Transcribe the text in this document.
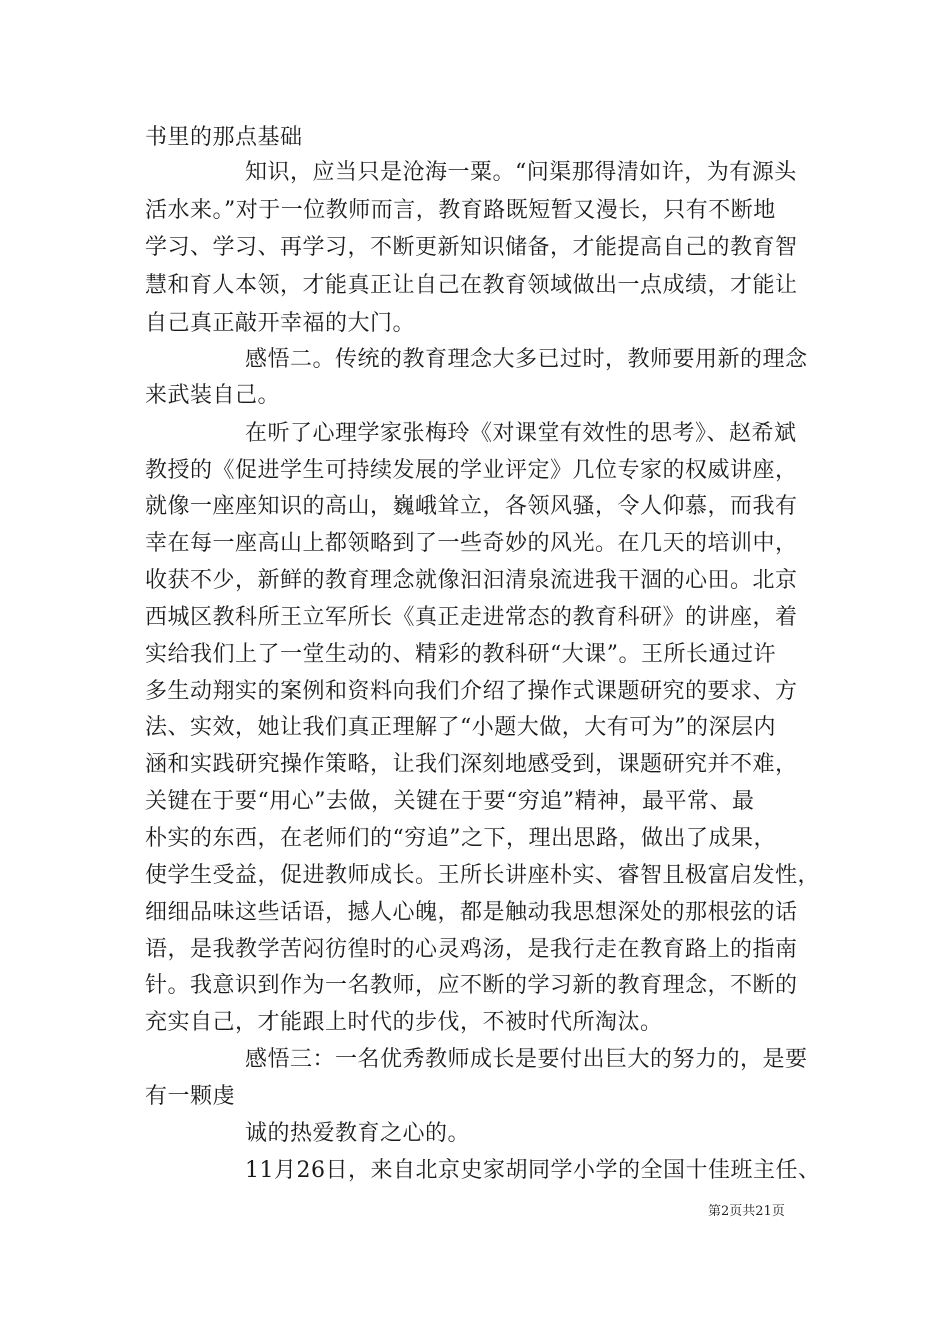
书里的那点基础
知识，应当只是沧海一粟。“问渠那得清如许，为有源头
活水来。”对于一位教师而言，教育路既短暂又漫长，只有不断地
学习、学习、再学习，不断更新知识储备，才能提高自己的教育智
慧和育人本领，才能真正让自己在教育领域做出一点成绩，才能让
自己真正敲开幸福的大门。
感悟二。传统的教育理念大多已过时，教师要用新的理念
来武装自己。
在听了心理学家张梅玲《对课堂有效性的思考》、赵希斌
教授的《促进学生可持续发展的学业评定》几位专家的权威讲座，
就像一座座知识的高山，巍峨耸立，各领风骚，令人仰慕，而我有
幸在每一座高山上都领略到了一些奇妙的风光。在几天的培训中，
收获不少，新鲜的教育理念就像汩汩清泉流进我干涸的心田。北京
西城区教科所王立军所长《真正走进常态的教育科研》的讲座，着
实给我们上了一堂生动的、精彩的教科研“大课”。王所长通过许
多生动翔实的案例和资料向我们介绍了操作式课题研究的要求、方
法、实效，她让我们真正理解了“小题大做，大有可为”的深层内
涵和实践研究操作策略，让我们深刻地感受到，课题研究并不难，
关键在于要“用心”去做，关键在于要“穷追”精神，最平常、最
朴实的东西，在老师们的“穷追”之下，理出思路，做出了成果，
使学生受益，促进教师成长。王所长讲座朴实、睿智且极富启发性，
细细品味这些话语，撼人心魄，都是触动我思想深处的那根弦的话
语，是我教学苦闷彷徨时的心灵鸡汤，是我行走在教育路上的指南
针。我意识到作为一名教师，应不断的学习新的教育理念，不断的
充实自己，才能跟上时代的步伐，不被时代所淘汰。
感悟三：一名优秀教师成长是要付出巨大的努力的，是要
有一颗虔
诚的热爱教育之心的。
11月26日，来自北京史家胡同学小学的全国十佳班主任、
第2页共21页
